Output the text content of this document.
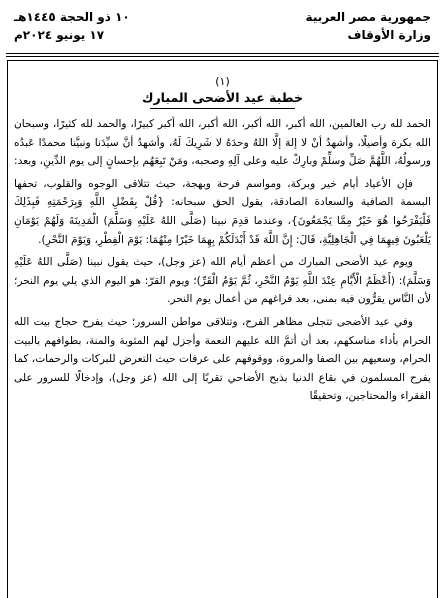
جمهورية مصر العربية
وزارة الأوقاف
١٠ ذو الحجة ١٤٤٥هـ
١٧ يونيو ٢٠٢٤م
(١)
خطبة عيد الأضحى المبارك

الحمد لله رب العالمين، الله أكبر، الله أكبر، الله أكبر، الله أكبر كبيرًا، والحمد لله كثيرًا، وسبحان الله بكرة وأصيلًا، وأشهدُ أنْ لا إلهَ إلَّا اللهُ وحدَهُ لا شَرِيكَ لَهُ، وأشهدُ أنَّ سيِّدَنا ونبيَّنا محمدًا عَبدُه ورسولُهُ، اللَّهُمَّ صَلِّ وسلِّمْ وبارِكْ عليه وعلى آلِهِ وصحبه، ومَنْ تَبِعَهُم بإحسانٍ إلى يوم الدِّينِ، وبعد:

فإن الأعياد أيام خير وبركة، ومواسم فرحة وبهجة، حيث تتلاقى الوجوه والقلوب، تحفها البسمة الصافية والسعادة الصادقة، يقول الحق سبحانه: {قُلْ بِفَضْلِ اللَّهِ وَبِرَحْمَتِهِ فَبِذَلِكَ فَلْيَفْرَحُوا هُوَ خَيْرٌ مِمَّا يَجْمَعُونَ}، وعندما قدِمَ نبينا (صَلَّى اللهُ عَلَيْهِ وَسَلَّمَ) الْمَدِينَةَ وَلَهُمْ يَوْمَانِ يَلْعَبُونَ فِيهِمَا فِي الْجَاهِلِيَّةِ، قَالَ: إِنَّ اللَّهَ قَدْ أَبْدَلَكُمْ بِهِمَا خَيْرًا مِنْهُمَا: يَوْمَ الْفِطْرِ، وَيَوْمَ النَّحْرِ).

ويوم عيد الأضحى المبارك من أعظم أيام الله (عز وجل)، حيث يقول نبينا (صَلَّى اللهُ عَلَيْهِ وَسَلَّمَ): (أَعْظَمُ الْأَيَّامِ عِنْدَ اللَّهِ يَوْمُ النَّحْرِ، ثُمَّ يَوْمُ الْقَرِّ)؛ ويوم القرّ: هو اليوم الذي يلي يوم النحر؛ لأن النَّاس يقرُّون فيه بمنى، بعد فراغهم من أعمال يوم النحر.

وفي عيد الأضحى تتجلى مظاهر الفرح، وتتلاقى مواطن السرور؛ حيث يفرح حجاج بيت الله الحرام بأداء مناسكهم، بعد أن أتمَّ الله عليهم النعمة وأجزل لهم المثوبة والمنة، بطوافهم بالبيت الحرام، وسعيهم بين الصفا والمروة، ووقوفهم على عرفات حيث التعرض للبركات والرحمات، كما يفرح المسلمون في بقاع الدنيا بذبح الأضاحي تقربًا إلى الله (عز وجل)، وإدخالًا للسرور على الفقراء والمحتاجين، وتحقيقًا
